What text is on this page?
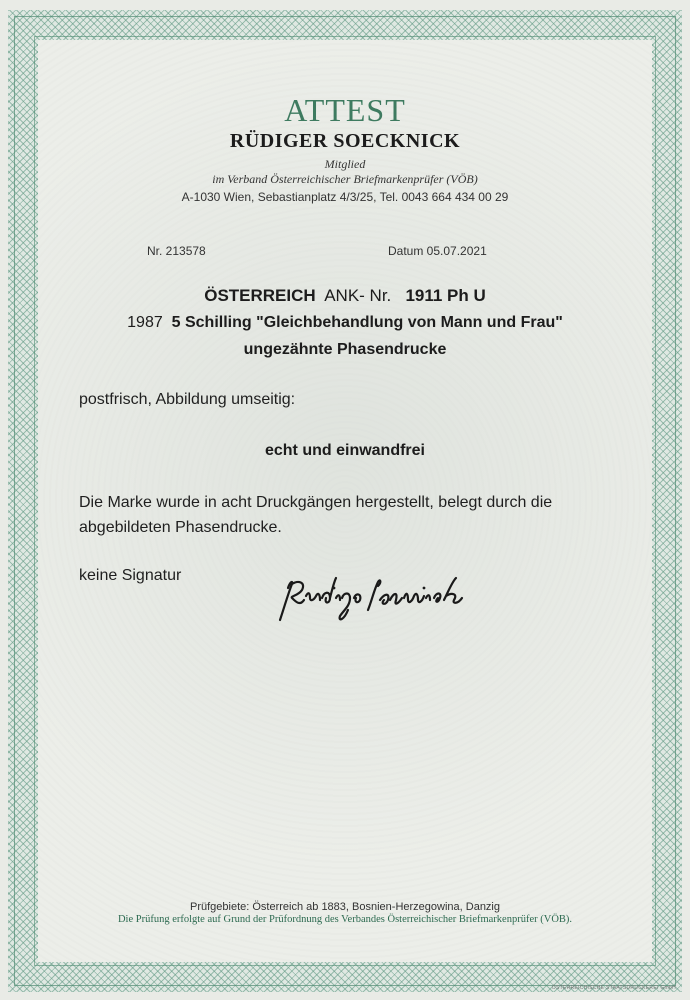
ATTEST
RÜDIGER SOECKNICK
Mitglied
im Verband Österreichischer Briefmarkenprüfer (VÖB)
A-1030 Wien, Sebastianplatz 4/3/25, Tel. 0043 664 434 00 29
Nr. 213578	Datum 05.07.2021
ÖSTERREICH ANK- Nr. 1911 Ph U
1987 5 Schilling "Gleichbehandlung von Mann und Frau"
ungezähnte Phasendrucke
postfrisch, Abbildung umseitig:
echt und einwandfrei
Die Marke wurde in acht Druckgängen hergestellt, belegt durch die abgebildeten Phasendrucke.
keine Signatur
Prüfgebiete: Österreich ab 1883, Bosnien-Herzegowina, Danzig
Die Prüfung erfolgte auf Grund der Prüfordnung des Verbandes Österreichischer Briefmarkenprüfer (VÖB).
ÖSTERREICHISCHE STAATSDRUCKEREI GmbH
